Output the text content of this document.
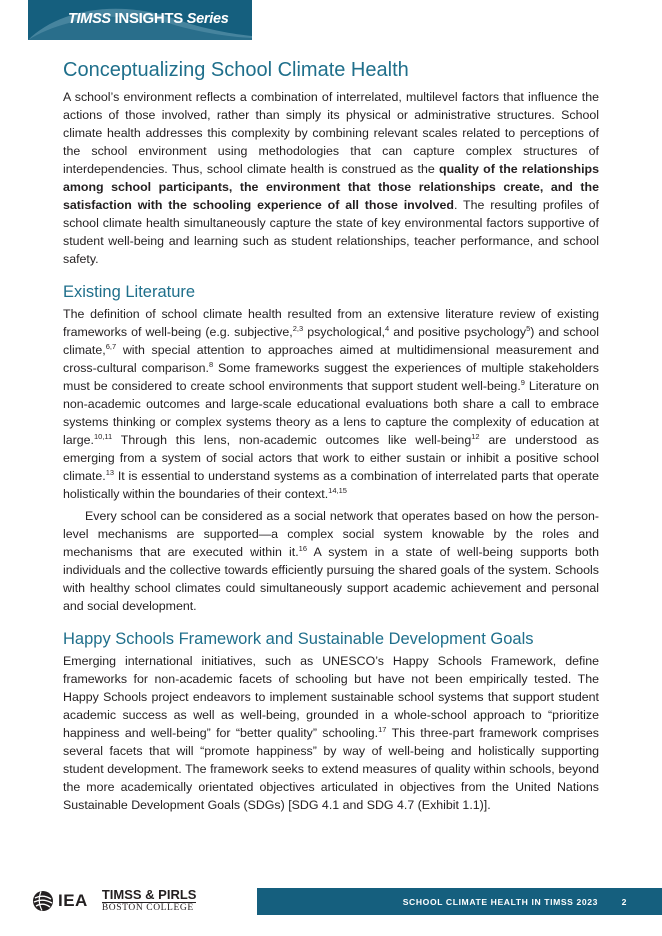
TIMSS INSIGHTS Series
Conceptualizing School Climate Health

A school’s environment reflects a combination of interrelated, multilevel factors that influence the actions of those involved, rather than simply its physical or administrative structures. School climate health addresses this complexity by combining relevant scales related to perceptions of the school environment using methodologies that can capture complex structures of interdependencies. Thus, school climate health is construed as the quality of the relationships among school participants, the environment that those relationships create, and the satisfaction with the schooling experience of all those involved. The resulting profiles of school climate health simultaneously capture the state of key environmental factors supportive of student well-being and learning such as student relationships, teacher performance, and school safety.

Existing Literature

The definition of school climate health resulted from an extensive literature review of existing frameworks of well-being (e.g. subjective,$^{2,3}$ psychological,$^4$ and positive psychology$^5$) and school climate,$^{6,7}$ with special attention to approaches aimed at multidimensional measurement and cross-cultural comparison.$^8$ Some frameworks suggest the experiences of multiple stakeholders must be considered to create school environments that support student well-being.$^9$ Literature on non-academic outcomes and large-scale educational evaluations both share a call to embrace systems thinking or complex systems theory as a lens to capture the complexity of education at large.$^{10,11}$ Through this lens, non-academic outcomes like well-being$^{12}$ are understood as emerging from a system of social actors that work to either sustain or inhibit a positive school climate.$^{13}$ It is essential to understand systems as a combination of interrelated parts that operate holistically within the boundaries of their context.$^{14,15}$

Every school can be considered as a social network that operates based on how the person-level mechanisms are supported—a complex social system knowable by the roles and mechanisms that are executed within it.$^{16}$ A system in a state of well-being supports both individuals and the collective towards efficiently pursuing the shared goals of the system. Schools with healthy school climates could simultaneously support academic achievement and personal and social development.

Happy Schools Framework and Sustainable Development Goals

Emerging international initiatives, such as UNESCO’s Happy Schools Framework, define frameworks for non-academic facets of schooling but have not been empirically tested. The Happy Schools project endeavors to implement sustainable school systems that support student academic success as well as well-being, grounded in a whole-school approach to “prioritize happiness and well-being” for “better quality” schooling.$^{17}$ This three-part framework comprises several facets that will “promote happiness” by way of well-being and holistically supporting student development. The framework seeks to extend measures of quality within schools, beyond the more academically orientated objectives articulated in objectives from the United Nations Sustainable Development Goals (SDGs) [SDG 4.1 and SDG 4.7 (Exhibit 1.1)].

IEA TIMSS & PIRLS
BOSTON COLLEGE
SCHOOL CLIMATE HEALTH IN TIMSS 2023	2
